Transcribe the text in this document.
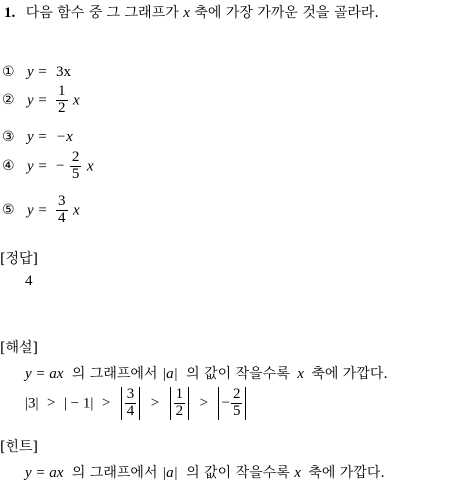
1. 다음 함수 중 그 그래프가 x 축에 가장 가까운 것을 골라라.
① y = 3x
② $y = \frac{1}{2}$ x
③ y = −x
④ y = − $\frac{2}{5}$ x
⑤ $y = \frac{3}{4}$ x
[정답]
4
[해설]
y = ax 의 그래프에서 |a| 의 값이 작을수록 x 축에 가깝다.
|3| > | − $1| > \frac{3}{4} > \frac{1}{2}$ > − $\frac{2}{5}$
[힌트]
y = ax 의 그래프에서 |a| 의 값이 작을수록 x 축에 가깝다.
